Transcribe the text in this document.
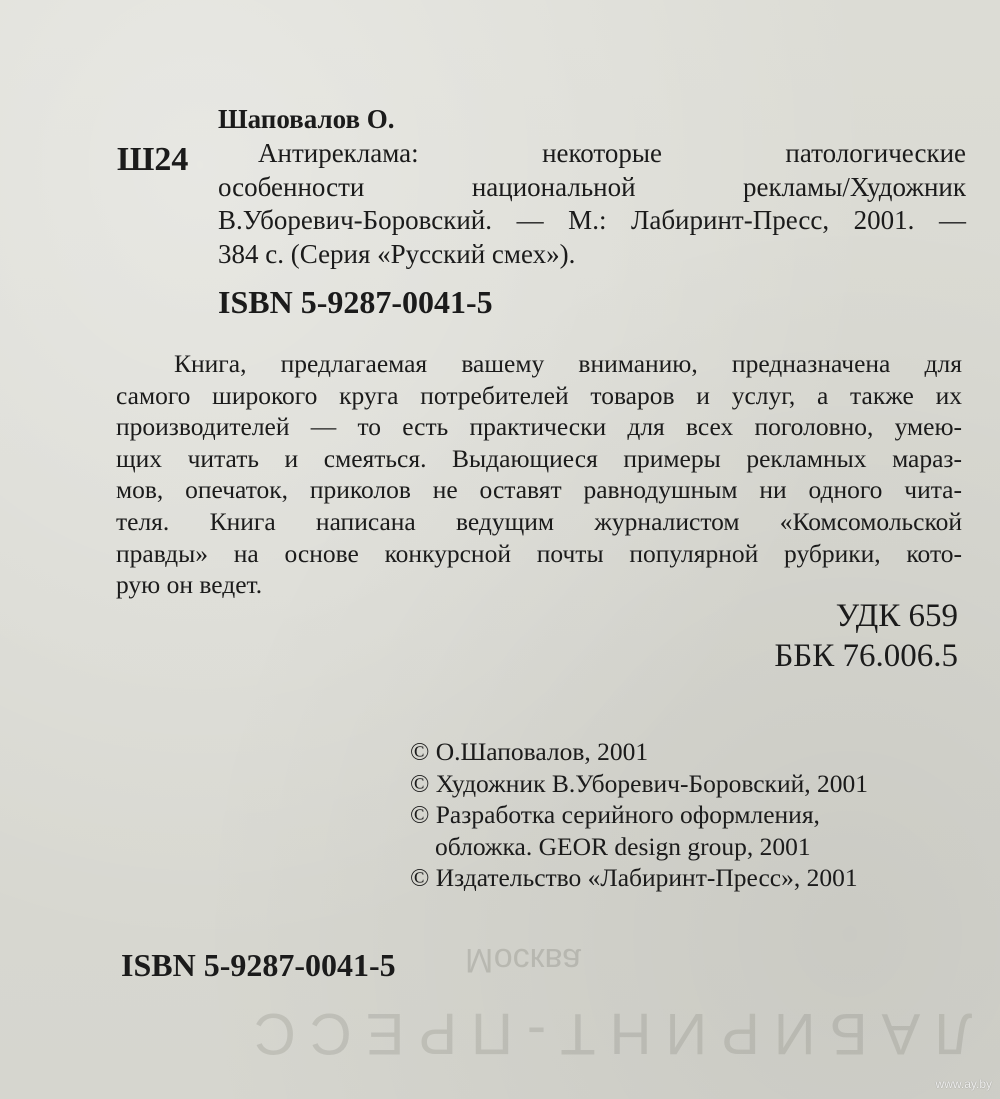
Москва
ЛАБИРИНТ-ПРЕСС
Шаповалов О.
Ш24	Антиреклама: некоторые патологические
особенности национальной рекламы/Художник
В.Уборевич-Боровский. — М.: Лабиринт-Пресс, 2001. —
384 с. (Серия «Русский смех»).
ISBN 5-9287-0041-5
Книга, предлагаемая вашему вниманию, предназначена для
самого широкого круга потребителей товаров и услуг, а также их
производителей — то есть практически для всех поголовно, умею-
щих читать и смеяться. Выдающиеся примеры рекламных мараз-
мов, опечаток, приколов не оставят равнодушным ни одного чита-
теля. Книга написана ведущим журналистом «Комсомольской
правды» на основе конкурсной почты популярной рубрики, кото-
рую он ведет.
УДК 659
ББК 76.006.5
© О.Шаповалов, 2001
© Художник В.Уборевич-Боровский, 2001
© Разработка серийного оформления,
обложка. GEOR design group, 2001
© Издательство «Лабиринт-Пресс», 2001
ISBN 5-9287-0041-5
www.ay.by
